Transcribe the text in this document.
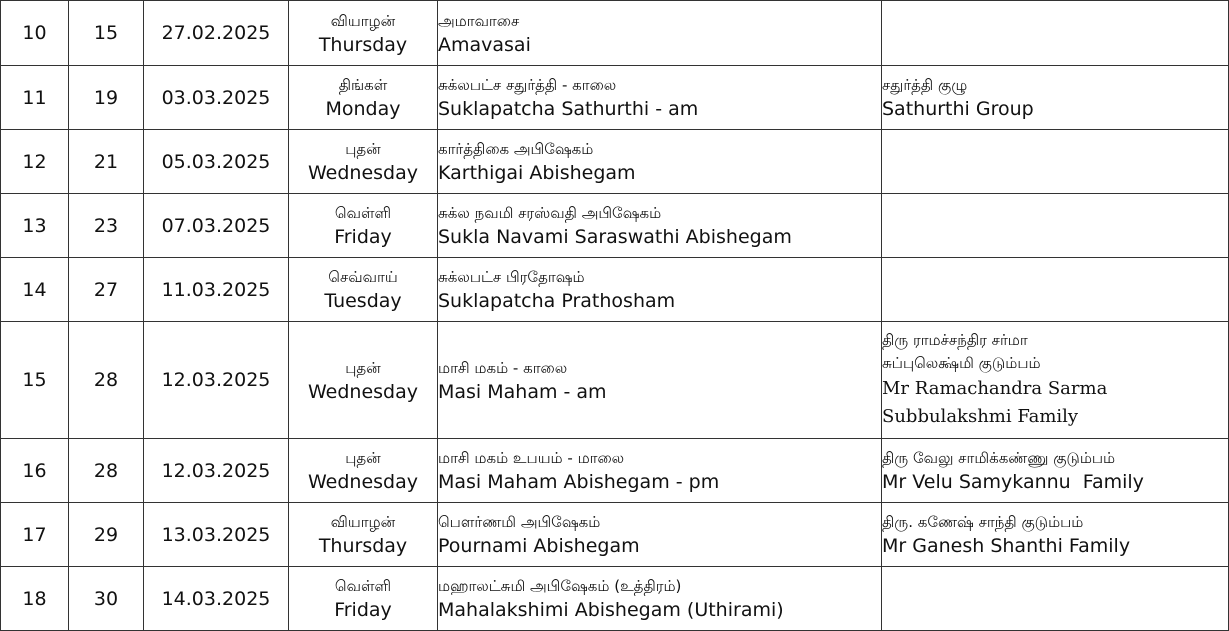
10	15	27.02.2025	வியாழன்
Thursday	அமாவாசை
Amavasai	

11	19	03.03.2025	திங்கள்
Monday	சுக்லபட்ச சதுர்த்தி - காலை
Suklapatcha Sathurthi - am	சதுர்த்தி குழு
Sathurthi Group

12	21	05.03.2025	புதன்
Wednesday	கார்த்திகை அபிஷேகம்
Karthigai Abishegam	

13	23	07.03.2025	வெள்ளி
Friday	சுக்ல நவமி சரஸ்வதி அபிஷேகம்
Sukla Navami Saraswathi Abishegam	

14	27	11.03.2025	செவ்வாய்
Tuesday	சுக்லபட்ச பிரதோஷம்
Suklapatcha Prathosham	

15	28	12.03.2025	புதன்
Wednesday	மாசி மகம் - காலை
Masi Maham - am	திரு ராமச்சந்திர சர்மா
சுப்புலெக்ஷ்மி குடும்பம்
Mr Ramachandra Sarma
Subbulakshmi Family

16	28	12.03.2025	புதன்
Wednesday	மாசி மகம் உபயம் - மாலை
Masi Maham Abishegam - pm	திரு வேலு சாமிக்கண்ணு குடும்பம்
Mr Velu Samykannu  Family

17	29	13.03.2025	வியாழன்
Thursday	பௌர்ணமி அபிஷேகம்
Pournami Abishegam	திரு. கணேஷ் சாந்தி குடும்பம்
Mr Ganesh Shanthi Family

18	30	14.03.2025	வெள்ளி
Friday	மஹாலட்சுமி அபிஷேகம் (உத்திரம்)
Mahalakshimi Abishegam (Uthirami)	
